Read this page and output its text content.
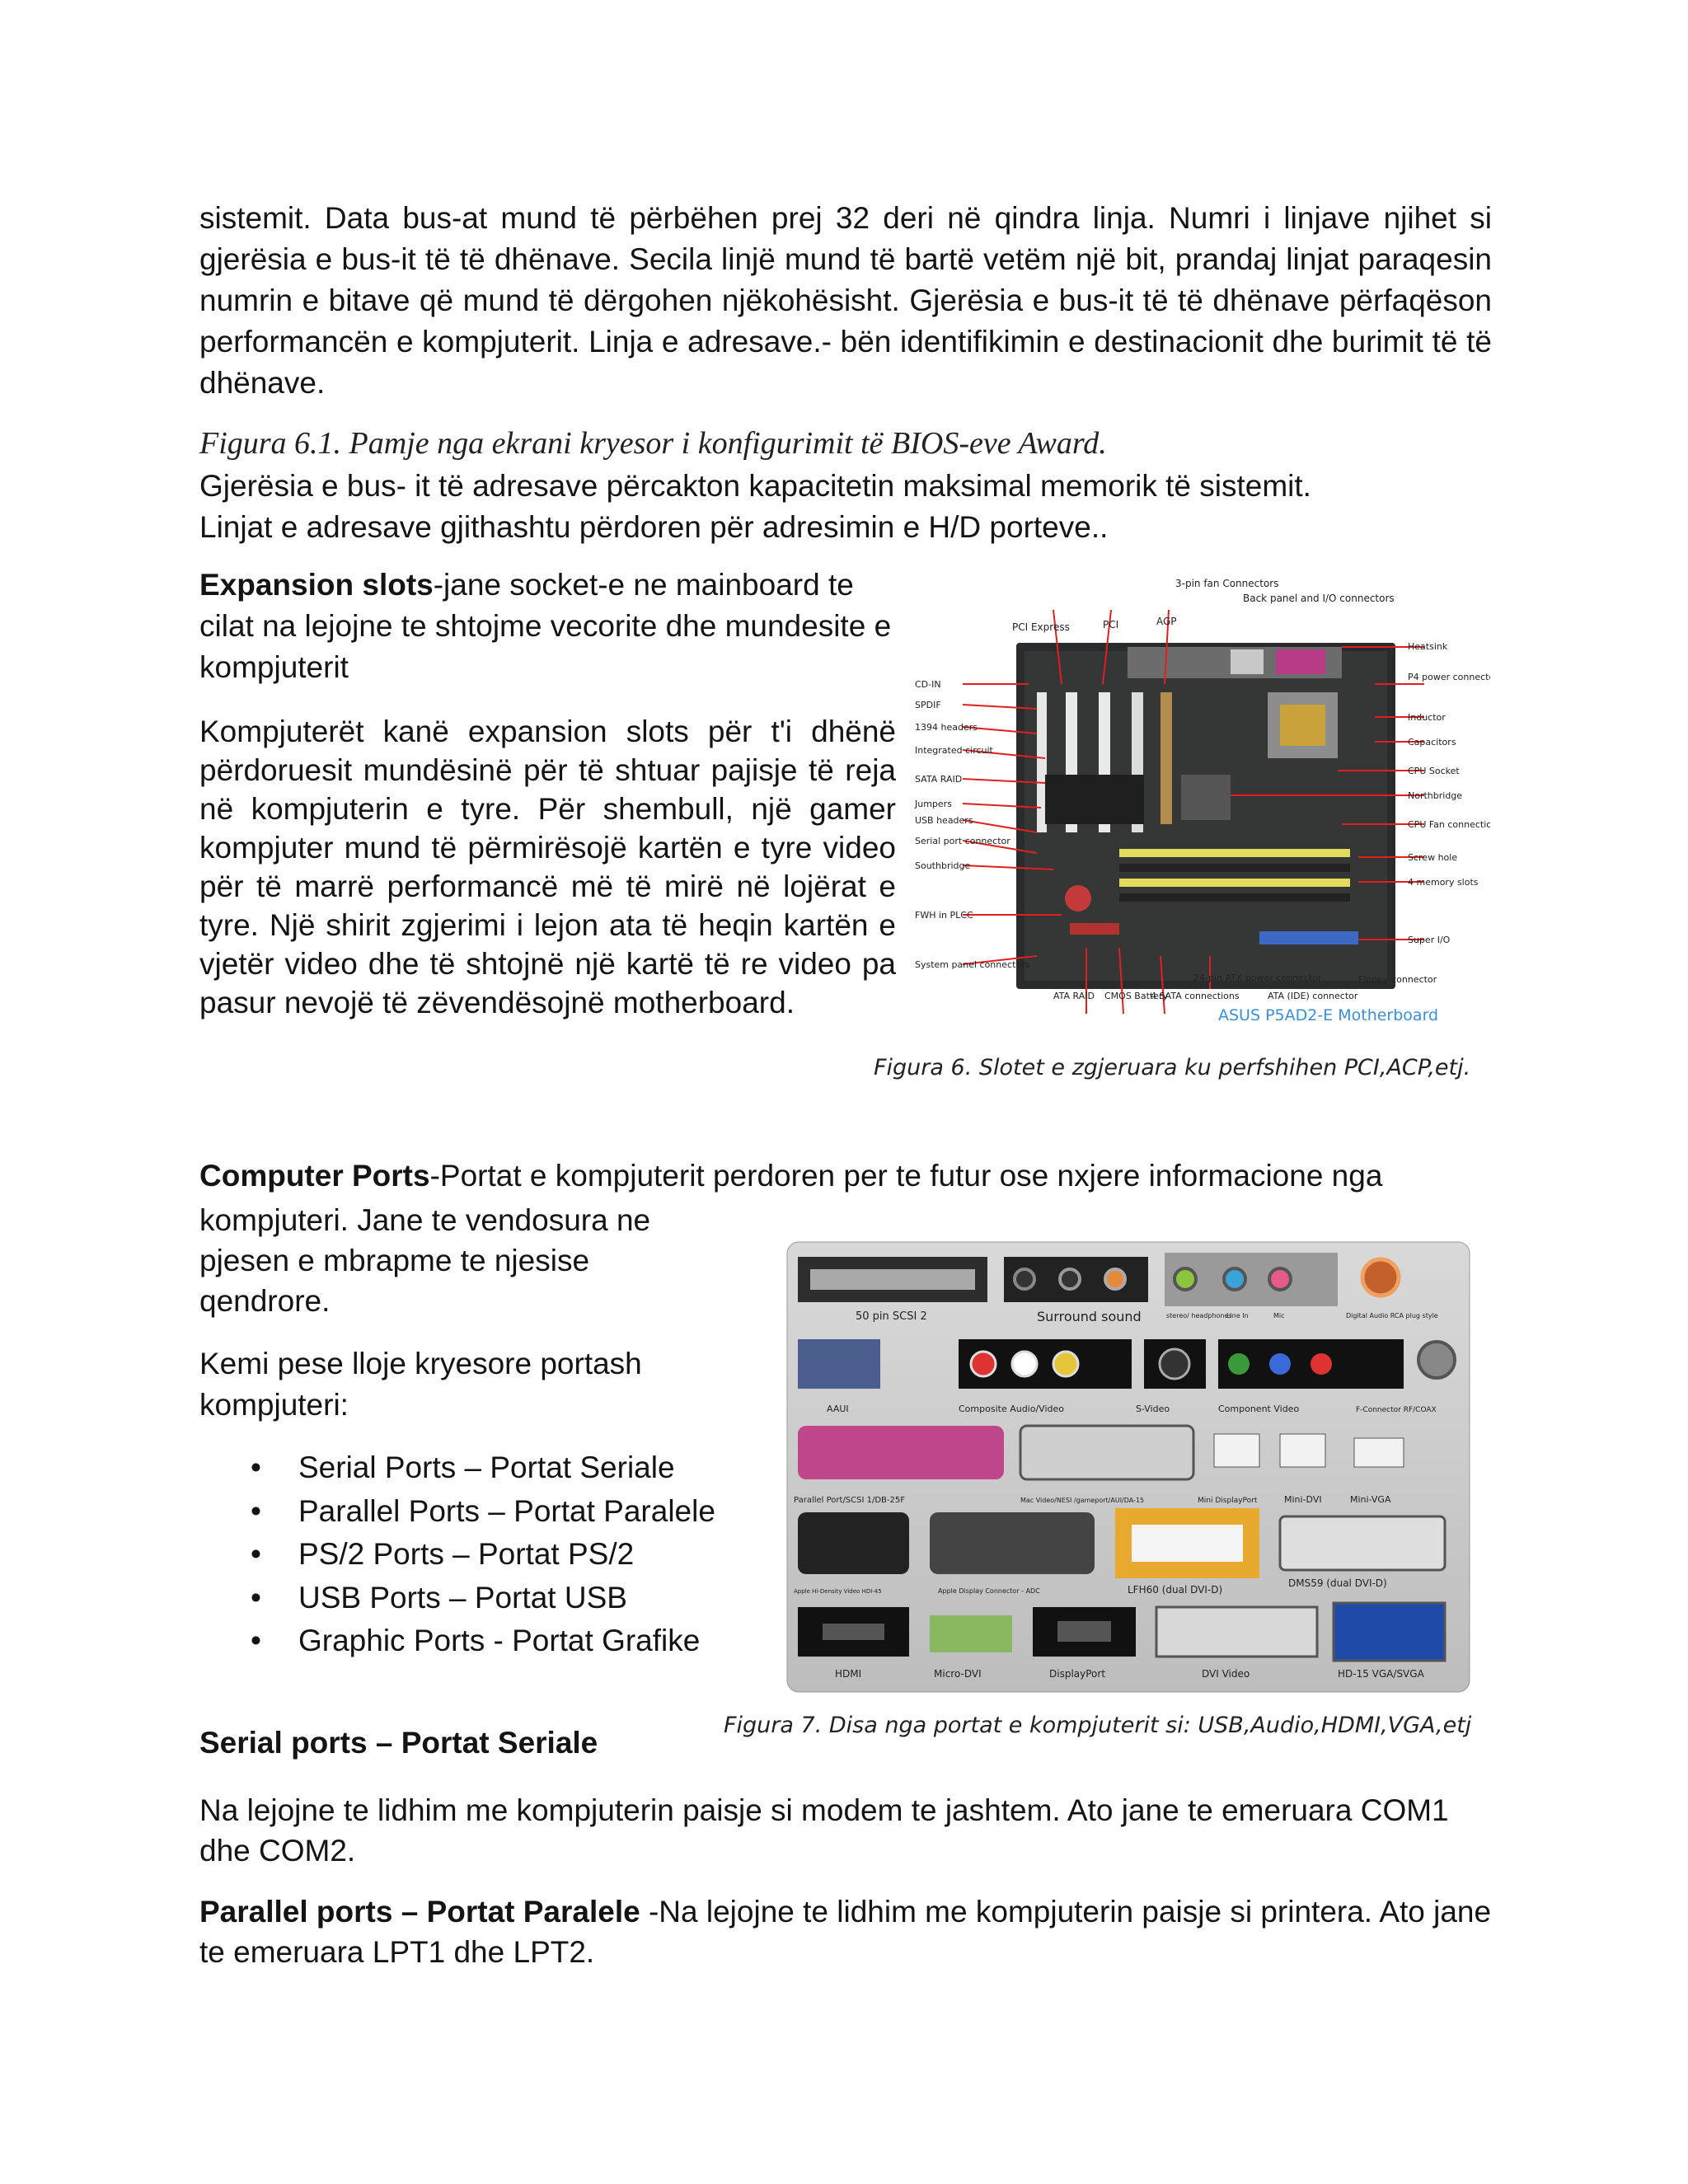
sistemit. Data bus-at mund të përbëhen prej 32 deri në qindra linja. Numri i linjave njihet si gjerësia e bus-it të të dhënave. Secila linjë mund të bartë vetëm një bit, prandaj linjat paraqesin numrin e bitave që mund të dërgohen njëkohësisht. Gjerësia e bus-it të të dhënave përfaqëson performancën e kompjuterit. Linja e adresave.- bën identifikimin e destinacionit dhe burimit të të dhënave.

Figura 6.1. Pamje nga ekrani kryesor i konfigurimit të BIOS-eve Award.

Gjerësia e bus- it të adresave përcakton kapacitetin maksimal memorik të sistemit.

Linjat e adresave gjithashtu përdoren për adresimin e H/D porteve..

Expansion slots-jane socket-e ne mainboard te cilat na lejojne te shtojme vecorite dhe mundesite e kompjuterit

Kompjuterët kanë expansion slots për t'i dhënë përdoruesit mundësinë për të shtuar pajisje të reja në kompjuterin e tyre. Për shembull, një gamer kompjuter mund të përmirësojë kartën e tyre video për të marrë performancë më të mirë në lojërat e tyre. Një shirit zgjerimi i lejon ata të heqin kartën e vjetër video dhe të shtojnë një kartë të re video pa pasur nevojë të zëvendësojnë motherboard.

3-pin fan Connectors
Back panel and I/O connectors
PCI Express	PCI	AGP
CD-IN
SPDIF
1394 headers
Integrated circuit
SATA RAID
Jumpers
USB headers
Serial port connector
Southbridge
FWH in PLCC
System panel connectors
ATA RAID CMOS Battery
4 SATA connections
24-pin ATX power connector
ATA (IDE) connector
Floppy connector
Heatsink
P4 power connector
Inductor
Capacitors
CPU Socket
Northbridge
CPU Fan connection
Screw hole
4 memory slots
Super I/O
ASUS P5AD2-E Motherboard

Figura 6. Slotet e zgjeruara ku perfshihen PCI,ACP,etj.

Computer Ports-Portat e kompjuterit perdoren per te futur ose nxjere informacione nga

kompjuteri. Jane te vendosura ne pjesen e mbrapme te njesise qendrore.

Kemi pese lloje kryesore portash kompjuteri:

• Serial Ports – Portat Seriale
• Parallel Ports – Portat Paralele
• PS/2 Ports – Portat PS/2
• USB Ports – Portat USB
• Graphic Ports - Portat Grafike
50 pin SCSI 2	Surround sound	stereo/ headphones
Line In	Mic	Digital Audio RCA plug style
AAUI	Composite Audio/Video	S-Video	Component Video	F-Connector RF/COAX
Parallel Port/SCSI 1/DB-25F	Mac Video/NESI /gameport/AUI/DA-15	Mini DisplayPort	Mini-DVI	Mini-VGA
Apple Hi-Density Video HDI-45	Apple Display Connector - ADC	LFH60 (dual DVI-D)
DMS59 (dual DVI-D)
HDMI	Micro-DVI	DisplayPort	DVI Video	HD-15 VGA/SVGA

Figura 7. Disa nga portat e kompjuterit si: USB,Audio,HDMI,VGA,etj

Serial ports – Portat Seriale

Na lejojne te lidhim me kompjuterin paisje si modem te jashtem. Ato jane te emeruara COM1 dhe COM2.

Parallel ports – Portat Paralele -Na lejojne te lidhim me kompjuterin paisje si printera. Ato jane te emeruara LPT1 dhe LPT2.
